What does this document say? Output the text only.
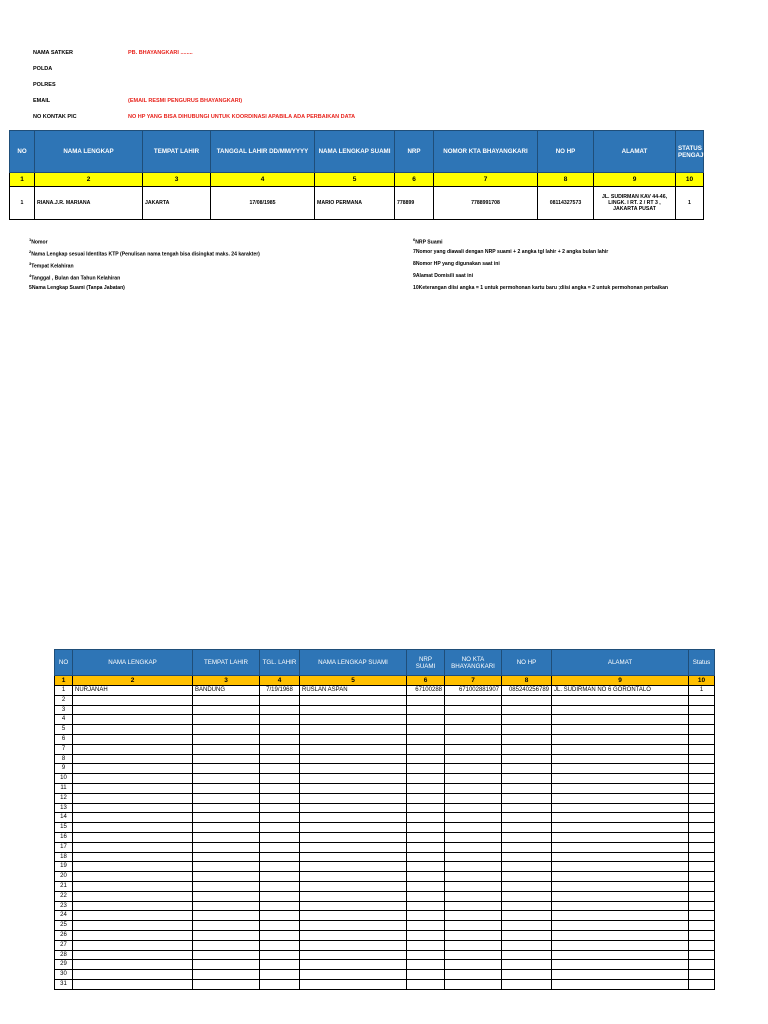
NAMA SATKER	PB. BHAYANGKARI ........
POLDA
POLRES
EMAIL	(EMAIL RESMI PENGURUS BHAYANGKARI)
NO KONTAK PIC	NO HP YANG BISA DIHUBUNGI UNTUK KOORDINASI APABILA ADA PERBAIKAN DATA
NO	NAMA LENGKAP	TEMPAT LAHIR	TANGGAL LAHIR DD/MM/YYYY	NAMA LENGKAP SUAMI	NRP	NOMOR KTA BHAYANGKARI	NO HP	ALAMAT	STATUS PENGAJUAN
1	2	3	4	5	6	7	8	9	10
1	RIANA.J.R. MARIANA	JAKARTA	17/08/1985	MARIO PERMANA	778899	7788991708	08114327573	JL. SUDIRMAN KAV 44-46, LINGK. I RT. 2 / RT 3 , JAKARTA PUSAT	1
$^1$Nomor
$^2$Nama Lengkap sesuai Identitas KTP (Penulisan nama tengah bisa disingkat maks. 24 karakter)
$^3$Tempat Kelahiran
$^4$Tanggal , Bulan dan Tahun Kelahiran
5Nama Lengkap Suami (Tanpa Jabatan)
$^6$NRP Suami
7Nomor yang diawali dengan NRP suami + 2 angka tgl lahir + 2 angka bulan lahir
8Nomor HP yang digunakan saat ini
9Alamat Domisili saat ini
10Keterangan diisi angka = 1 untuk permohonan kartu baru ;diisi angka = 2 untuk permohonan perbaikan
NO	NAMA LENGKAP	TEMPAT LAHIR	TGL. LAHIR	NAMA LENGKAP SUAMI	NRP SUAMI	NO KTA BHAYANGKARI	NO HP	ALAMAT	Status
1	2	3	4	5	6	7	8	9	10
1	NURJANAH	BANDUNG	7/19/1968	RUSLAN ASPAN	67100288	671002881907	085240256789	JL. SUDIRMAN NO 6 GORONTALO	1
2									
3									
4									
5									
6									
7									
8									
9									
10									
11									
12									
13									
14									
15									
16									
17									
18									
19									
20									
21									
22									
23									
24									
25									
26									
27									
28									
29									
30									
31									
